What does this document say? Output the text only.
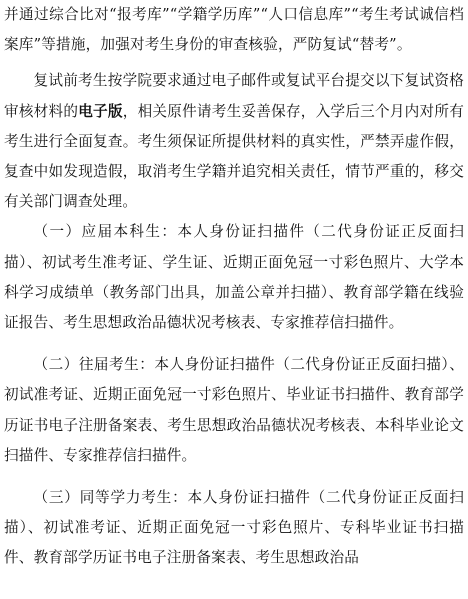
并通过综合比对“报考库”“学籍学历库”“人口信息库”“考生考试诚信档案库”等措施，加强对考生身份的审查核验，严防复试“替考”。

复试前考生按学院要求通过电子邮件或复试平台提交以下复试资格审核材料的电子版，相关原件请考生妥善保存，入学后三个月内对所有考生进行全面复查。考生须保证所提供材料的真实性，严禁弄虚作假，复查中如发现造假，取消考生学籍并追究相关责任，情节严重的，移交有关部门调查处理。

（一）应届本科生：本人身份证扫描件（二代身份证正反面扫描）、初试考生准考证、学生证、近期正面免冠一寸彩色照片、大学本科学习成绩单（教务部门出具，加盖公章并扫描）、教育部学籍在线验证报告、考生思想政治品德状况考核表、专家推荐信扫描件。

（二）往届考生：本人身份证扫描件（二代身份证正反面扫描）、初试准考证、近期正面免冠一寸彩色照片、毕业证书扫描件、教育部学历证书电子注册备案表、考生思想政治品德状况考核表、本科毕业论文扫描件、专家推荐信扫描件。

（三）同等学力考生：本人身份证扫描件（二代身份证正反面扫描）、初试准考证、近期正面免冠一寸彩色照片、专科毕业证书扫描件、教育部学历证书电子注册备案表、考生思想政治品
